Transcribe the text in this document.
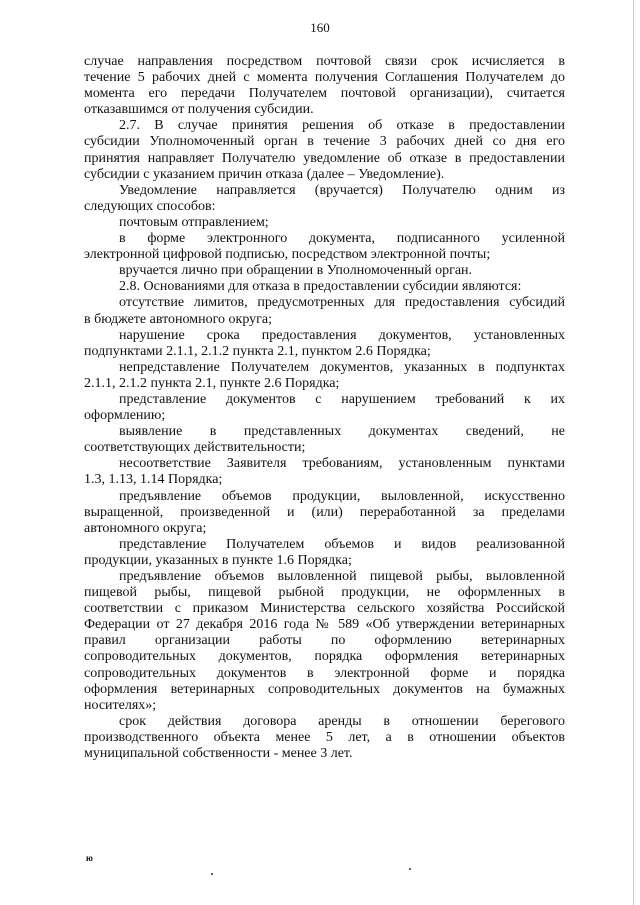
160
случае направления посредством почтовой связи срок исчисляется в
течение 5 рабочих дней с момента получения Соглашения Получателем до
момента его передачи Получателем почтовой организации), считается
отказавшимся от получения субсидии.
2.7. В случае принятия решения об отказе в предоставлении
субсидии Уполномоченный орган в течение 3 рабочих дней со дня его
принятия направляет Получателю уведомление об отказе в предоставлении
субсидии с указанием причин отказа (далее – Уведомление).
Уведомление направляется (вручается) Получателю одним из
следующих способов:
почтовым отправлением;
в форме электронного документа, подписанного усиленной
электронной цифровой подписью, посредством электронной почты;
вручается лично при обращении в Уполномоченный орган.
2.8. Основаниями для отказа в предоставлении субсидии являются:
отсутствие лимитов, предусмотренных для предоставления субсидий
в бюджете автономного округа;
нарушение срока предоставления документов, установленных
подпунктами 2.1.1, 2.1.2 пункта 2.1, пунктом 2.6 Порядка;
непредставление Получателем документов, указанных в подпунктах
2.1.1, 2.1.2 пункта 2.1, пункте 2.6 Порядка;
представление документов с нарушением требований к их
оформлению;
выявление в представленных документах сведений, не
соответствующих действительности;
несоответствие Заявителя требованиям, установленным пунктами
1.3, 1.13, 1.14 Порядка;
предъявление объемов продукции, выловленной, искусственно
выращенной, произведенной и (или) переработанной за пределами
автономного округа;
представление Получателем объемов и видов реализованной
продукции, указанных в пункте 1.6 Порядка;
предъявление объемов выловленной пищевой рыбы, выловленной
пищевой рыбы, пищевой рыбной продукции, не оформленных в
соответствии с приказом Министерства сельского хозяйства Российской
Федерации от 27 декабря 2016 года № 589 «Об утверждении ветеринарных
правил организации работы по оформлению ветеринарных
сопроводительных документов, порядка оформления ветеринарных
сопроводительных документов в электронной форме и порядка
оформления ветеринарных сопроводительных документов на бумажных
носителях»;
срок действия договора аренды в отношении берегового
производственного объекта менее 5 лет, а в отношении объектов
муниципальной собственности - менее 3 лет.
ю
